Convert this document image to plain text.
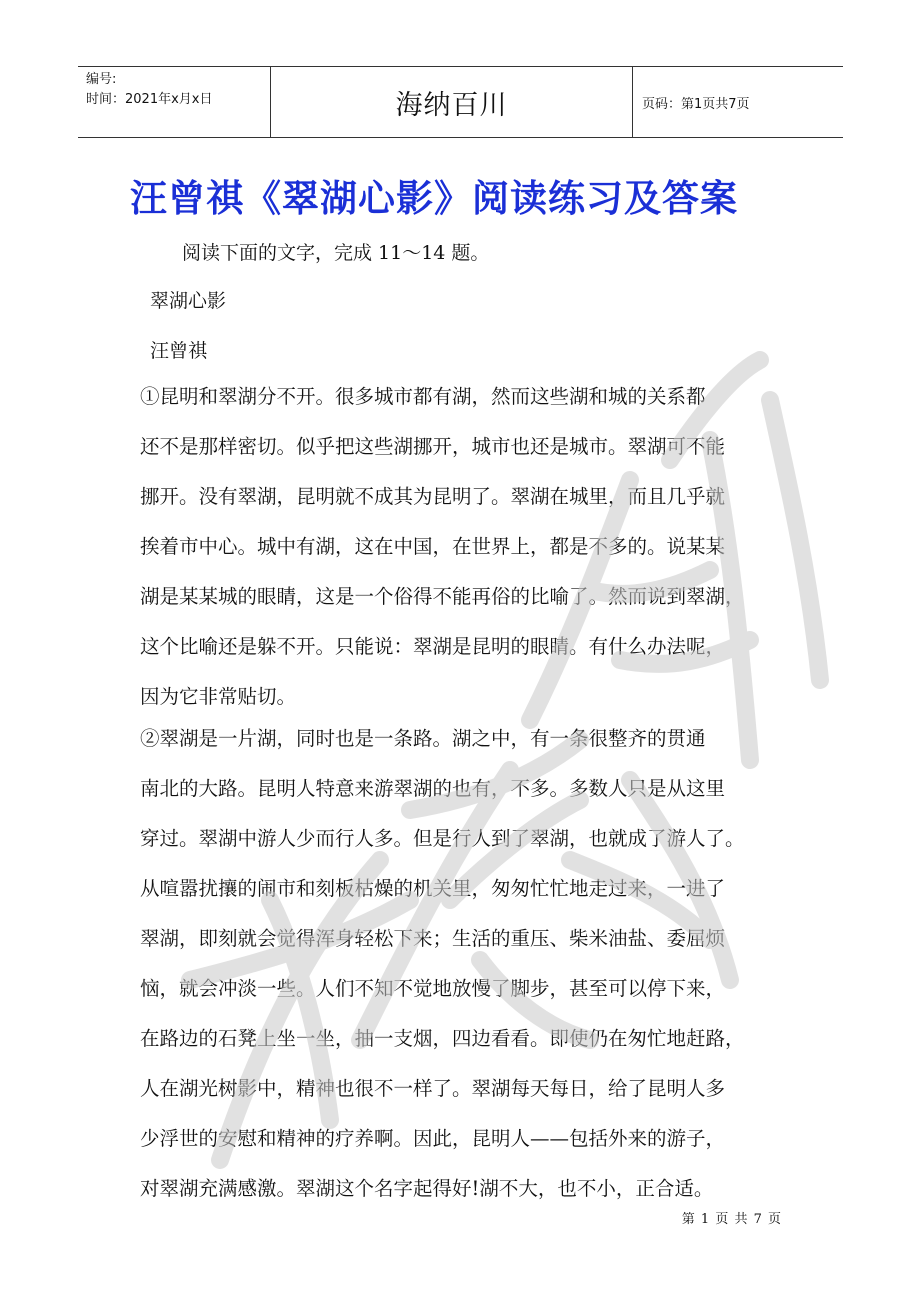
编号:
时间：2021年x月x日	海纳百川	页码：第1页共7页
汪曾祺《翠湖心影》阅读练习及答案
阅读下面的文字，完成 11～14 题。
翠湖心影
汪曾祺
①昆明和翠湖分不开。很多城市都有湖，然而这些湖和城的关系都
还不是那样密切。似乎把这些湖挪开，城市也还是城市。翠湖可不能
挪开。没有翠湖，昆明就不成其为昆明了。翠湖在城里，而且几乎就
挨着市中心。城中有湖，这在中国，在世界上，都是不多的。说某某
湖是某某城的眼睛，这是一个俗得不能再俗的比喻了。然而说到翠湖，
这个比喻还是躲不开。只能说：翠湖是昆明的眼睛。有什么办法呢，
因为它非常贴切。
②翠湖是一片湖，同时也是一条路。湖之中，有一条很整齐的贯通
南北的大路。昆明人特意来游翠湖的也有，不多。多数人只是从这里
穿过。翠湖中游人少而行人多。但是行人到了翠湖，也就成了游人了。
从喧嚣扰攘的闹市和刻板枯燥的机关里，匆匆忙忙地走过来，一进了
翠湖，即刻就会觉得浑身轻松下来；生活的重压、柴米油盐、委屈烦
恼，就会冲淡一些。人们不知不觉地放慢了脚步，甚至可以停下来，
在路边的石凳上坐一坐，抽一支烟，四边看看。即使仍在匆忙地赶路，
人在湖光树影中，精神也很不一样了。翠湖每天每日，给了昆明人多
少浮世的安慰和精神的疗养啊。因此，昆明人——包括外来的游子，
对翠湖充满感激。翠湖这个名字起得好!湖不大，也不小，正合适。
第 1 页 共 7 页
